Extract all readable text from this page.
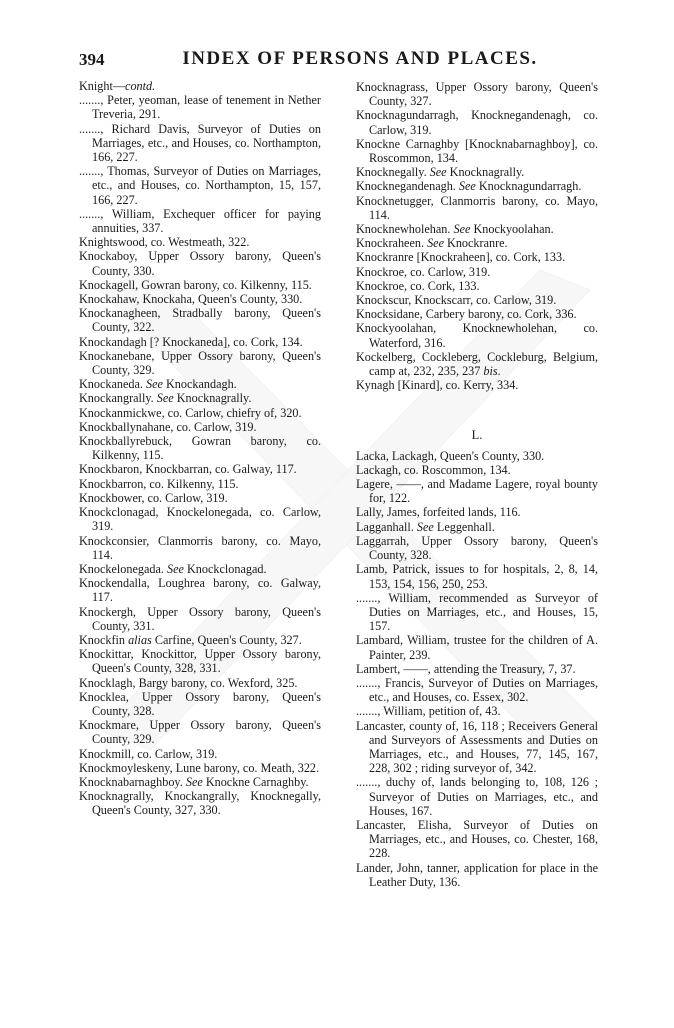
394	INDEX OF PERSONS AND PLACES.

Knight—contd.

......., Peter, yeoman, lease of tenement in Nether Treveria, 291.

......., Richard Davis, Surveyor of Duties on Marriages, etc., and Houses, co. Northampton, 166, 227.

......., Thomas, Surveyor of Duties on Marriages, etc., and Houses, co. Northampton, 15, 157, 166, 227.

......., William, Exchequer officer for paying annuities, 337.

Knightswood, co. Westmeath, 322.

Knockaboy, Upper Ossory barony, Queen's County, 330.

Knockagell, Gowran barony, co. Kilkenny, 115.

Knockahaw, Knockaha, Queen's County, 330.

Knockanagheen, Stradbally barony, Queen's County, 322.

Knockandagh [? Knockaneda], co. Cork, 134.

Knockanebane, Upper Ossory barony, Queen's County, 329.

Knockaneda. See Knockandagh.

Knockangrally. See Knocknagrally.

Knockanmickwe, co. Carlow, chiefry of, 320.

Knockballynahane, co. Carlow, 319.

Knockballyrebuck, Gowran barony, co. Kilkenny, 115.

Knockbaron, Knockbarran, co. Galway, 117.

Knockbarron, co. Kilkenny, 115.

Knockbower, co. Carlow, 319.

Knockclonagad, Knockelonegada, co. Carlow, 319.

Knockconsier, Clanmorris barony, co. Mayo, 114.

Knockelonegada. See Knockclonagad.

Knockendalla, Loughrea barony, co. Galway, 117.

Knockergh, Upper Ossory barony, Queen's County, 331.

Knockfin alias Carfine, Queen's County, 327.

Knockittar, Knockittor, Upper Ossory barony, Queen's County, 328, 331.

Knocklagh, Bargy barony, co. Wexford, 325.

Knocklea, Upper Ossory barony, Queen's County, 328.

Knockmare, Upper Ossory barony, Queen's County, 329.

Knockmill, co. Carlow, 319.

Knockmoyleskeny, Lune barony, co. Meath, 322.

Knocknabarnaghboy. See Knockne Carnaghby.

Knocknagrally, Knockangrally, Knocknegally, Queen's County, 327, 330.

Knocknagrass, Upper Ossory barony, Queen's County, 327.

Knocknagundarragh, Knocknegandenagh, co. Carlow, 319.

Knockne Carnaghby [Knocknabarnaghboy], co. Roscommon, 134.

Knocknegally. See Knocknagrally.

Knocknegandenagh. See Knocknagundarragh.

Knocknetugger, Clanmorris barony, co. Mayo, 114.

Knocknewholehan. See Knockyoolahan.

Knockraheen. See Knockranre.

Knockranre [Knockraheen], co. Cork, 133.

Knockroe, co. Carlow, 319.

Knockroe, co. Cork, 133.

Knockscur, Knockscarr, co. Carlow, 319.

Knocksidane, Carbery barony, co. Cork, 336.

Knockyoolahan, Knocknewholehan, co. Waterford, 316.

Kockelberg, Cockleberg, Cockleburg, Belgium, camp at, 232, 235, 237 bis.

Kynagh [Kinard], co. Kerry, 334.

L.

Lacka, Lackagh, Queen's County, 330.

Lackagh, co. Roscommon, 134.

Lagere, ——, and Madame Lagere, royal bounty for, 122.

Lally, James, forfeited lands, 116.

Lagganhall. See Leggenhall.

Laggarrah, Upper Ossory barony, Queen's County, 328.

Lamb, Patrick, issues to for hospitals, 2, 8, 14, 153, 154, 156, 250, 253.

......., William, recommended as Surveyor of Duties on Marriages, etc., and Houses, 15, 157.

Lambard, William, trustee for the children of A. Painter, 239.

Lambert, ——, attending the Treasury, 7, 37.

......., Francis, Surveyor of Duties on Marriages, etc., and Houses, co. Essex, 302.

......., William, petition of, 43.

Lancaster, county of, 16, 118 ; Receivers General and Surveyors of Assessments and Duties on Marriages, etc., and Houses, 77, 145, 167, 228, 302 ; riding surveyor of, 342.

......., duchy of, lands belonging to, 108, 126 ; Surveyor of Duties on Marriages, etc., and Houses, 167.

Lancaster, Elisha, Surveyor of Duties on Marriages, etc., and Houses, co. Chester, 168, 228.

Lander, John, tanner, application for place in the Leather Duty, 136.
